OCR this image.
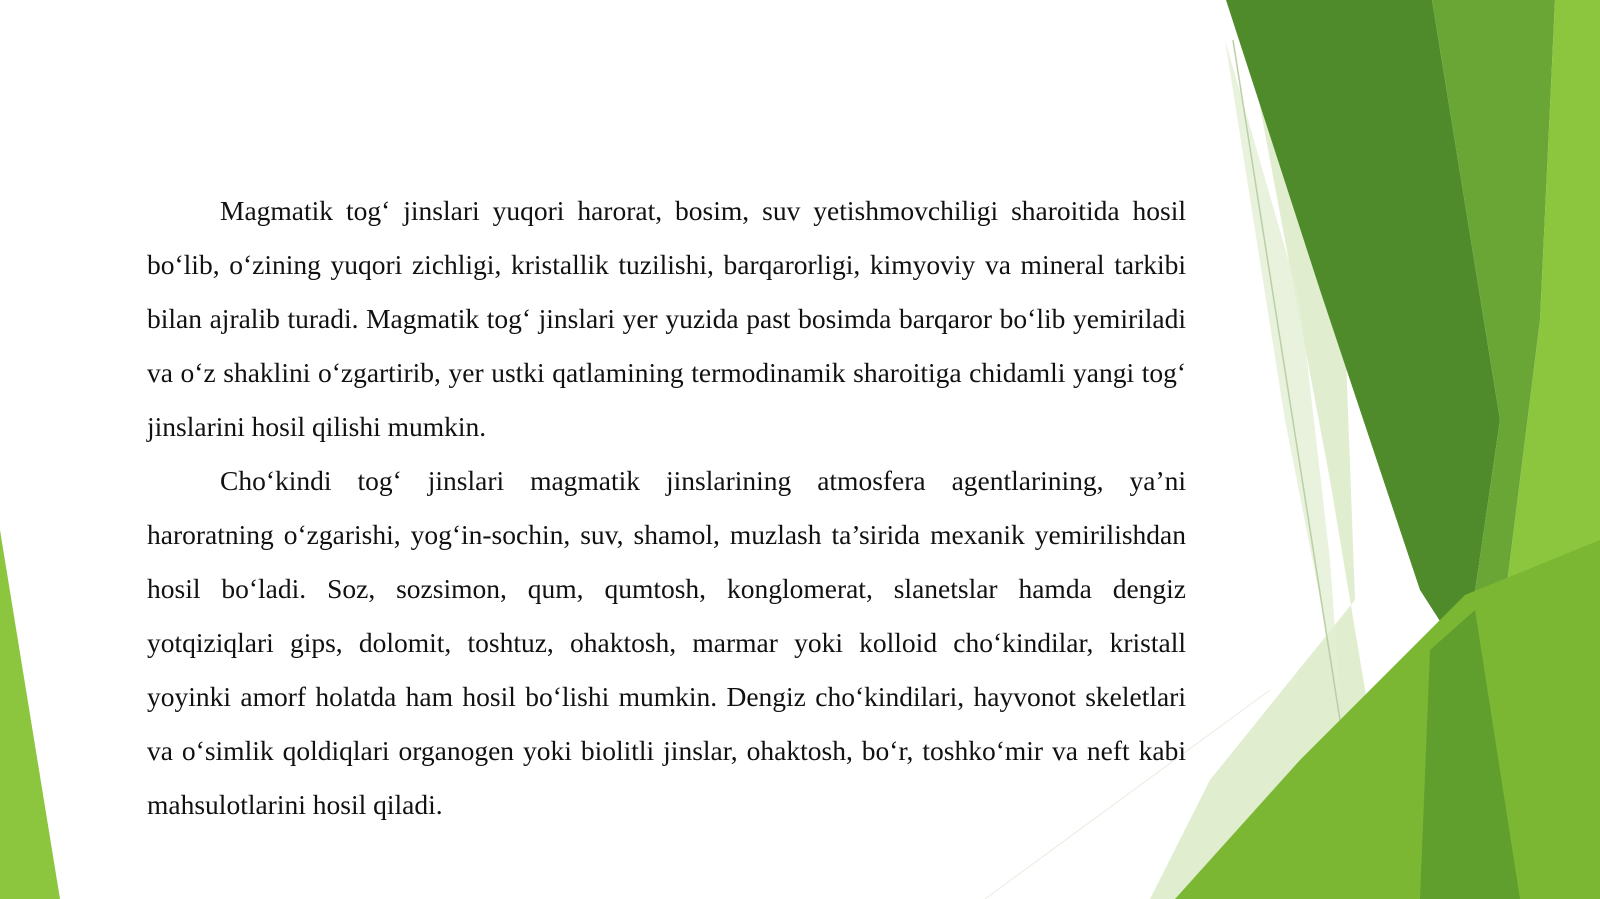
Magmatik tog‘ jinslari yuqori harorat, bosim, suv yetishmovchiligi sharoitida hosil bo‘lib, o‘zining yuqori zichligi, kristallik tuzilishi, barqarorligi, kimyoviy va mineral tarkibi bilan ajralib turadi. Magmatik tog‘ jinslari yer yuzida past bosimda barqaror bo‘lib yemiriladi va o‘z shaklini o‘zgartirib, yer ustki qatlamining termodinamik sharoitiga chidamli yangi tog‘ jinslarini hosil qilishi mumkin.

Cho‘kindi tog‘ jinslari magmatik jinslarining atmosfera agentlarining, ya’ni haroratning o‘zgarishi, yog‘in-sochin, suv, shamol, muzlash ta’sirida mexanik yemirilishdan hosil bo‘ladi. Soz, sozsimon, qum, qumtosh, konglomerat, slanetslar hamda dengiz yotqiziqlari gips, dolomit, toshtuz, ohaktosh, marmar yoki kolloid cho‘kindilar, kristall yoyinki amorf holatda ham hosil bo‘lishi mumkin. Dengiz cho‘kindilari, hayvonot skeletlari va o‘simlik qoldiqlari organogen yoki biolitli jinslar, ohaktosh, bo‘r, toshko‘mir va neft kabi mahsulotlarini hosil qiladi.
